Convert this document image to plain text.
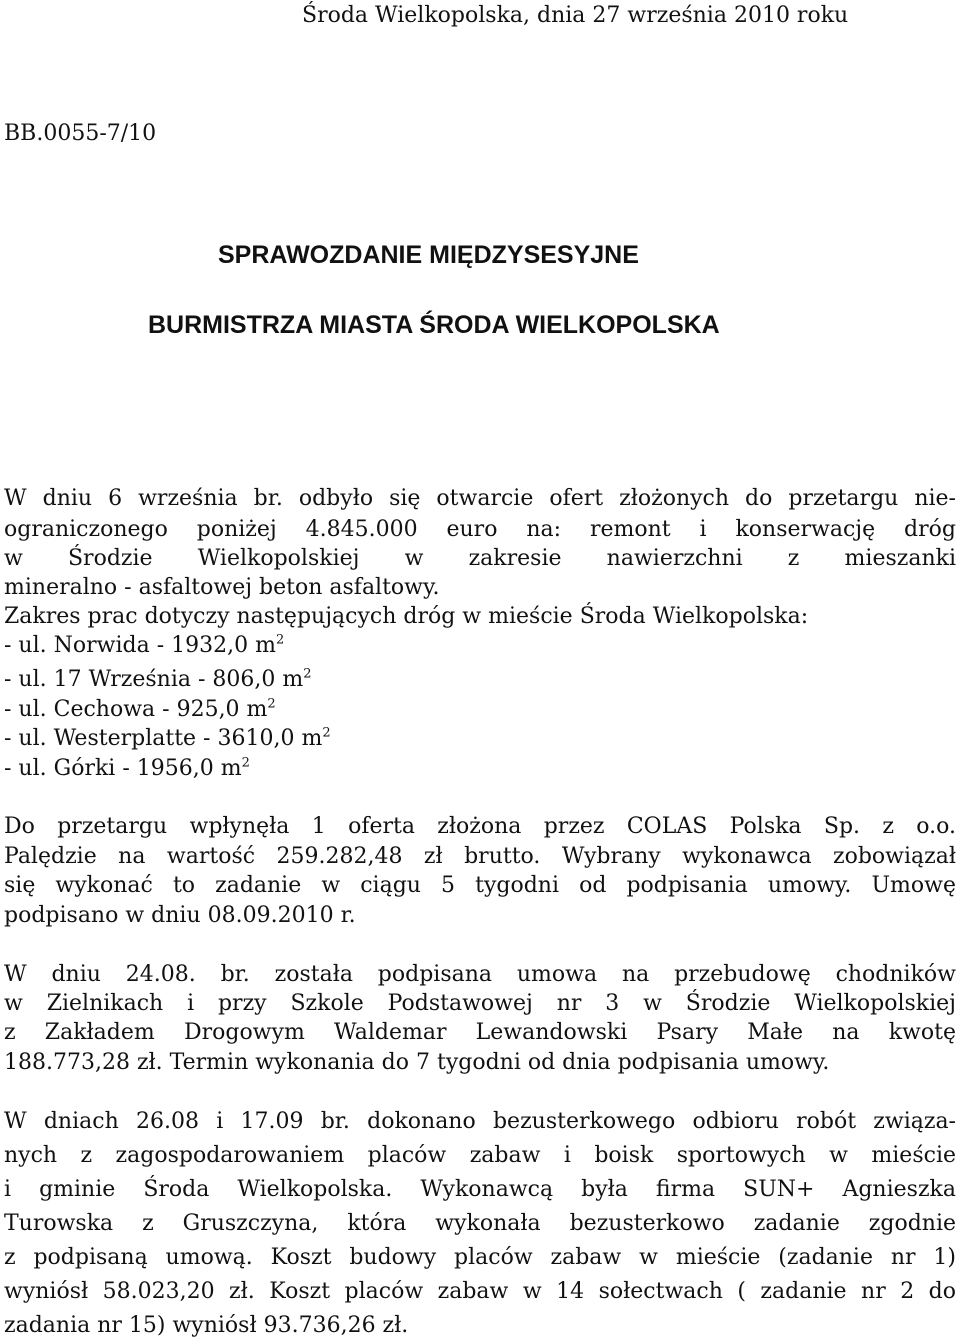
Środa Wielkopolska, dnia 27 września 2010 roku
BB.0055-7/10
SPRAWOZDANIE MIĘDZYSESYJNE
BURMISTRZA MIASTA ŚRODA WIELKOPOLSKA
W dniu 6 września br. odbyło się otwarcie ofert złożonych do przetargu nie-
ograniczonego poniżej 4.845.000 euro na: remont i konserwację dróg
w Środzie Wielkopolskiej w zakresie nawierzchni z mieszanki
mineralno - asfaltowej beton asfaltowy.
Zakres prac dotyczy następujących dróg w mieście Środa Wielkopolska:
- ul. Norwida - 1932,0 $m^2$
- ul. 17 Września - 806,0 $m^2$
- ul. Cechowa - 925,0 $m^2$
- ul. Westerplatte - 3610,0 $m^2$
- ul. Górki - 1956,0 $m^2$
Do przetargu wpłynęła 1 oferta złożona przez COLAS Polska Sp. z o.o.
Palędzie na wartość 259.282,48 zł brutto. Wybrany wykonawca zobowiązał
się wykonać to zadanie w ciągu 5 tygodni od podpisania umowy. Umowę
podpisano w dniu 08.09.2010 r.
W dniu 24.08. br. została podpisana umowa na przebudowę chodników
w Zielnikach i przy Szkole Podstawowej nr 3 w Środzie Wielkopolskiej
z Zakładem Drogowym Waldemar Lewandowski Psary Małe na kwotę
188.773,28 zł. Termin wykonania do 7 tygodni od dnia podpisania umowy.
W dniach 26.08 i 17.09 br. dokonano bezusterkowego odbioru robót związa-
nych z zagospodarowaniem placów zabaw i boisk sportowych w mieście
i gminie Środa Wielkopolska. Wykonawcą była firma SUN+ Agnieszka
Turowska z Gruszczyna, która wykonała bezusterkowo zadanie zgodnie
z podpisaną umową. Koszt budowy placów zabaw w mieście (zadanie nr 1)
wyniósł 58.023,20 zł. Koszt placów zabaw w 14 sołectwach ( zadanie nr 2 do
zadania nr 15) wyniósł 93.736,26 zł.
